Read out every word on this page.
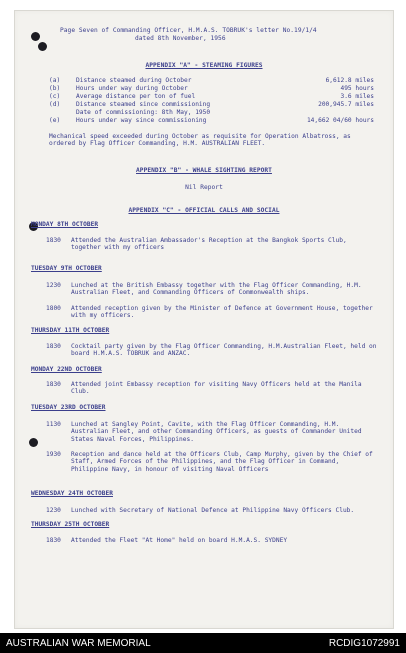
Page Seven of Commanding Officer, H.M.A.S. TOBRUK's letter No.19/1/4
dated 8th November, 1956
APPENDIX "A" - STEAMING FIGURES
(a)	Distance steamed during October	6,612.8 miles
(b)	Hours under way during October	495 hours
(c)	Average distance per ton of fuel	3.6 miles
(d)	Distance steamed since commissioning	200,945.7 miles
Date of commissioning: 8th May, 1950
(e)	Hours under way since commissioning	14,662 04/60 hours
Mechanical speed exceeded during October as requisite for Operation Albatross, as ordered by Flag Officer Commanding, H.M. AUSTRALIAN FLEET.
APPENDIX "B" - WHALE SIGHTING REPORT
Nil Report
APPENDIX "C" - OFFICIAL CALLS AND SOCIAL
MONDAY 8TH OCTOBER
1830 Attended the Australian Ambassador's Reception at the Bangkok Sports Club, together with my officers
TUESDAY 9TH OCTOBER
1230 Lunched at the British Embassy together with the Flag Officer Commanding, H.M. Australian Fleet, and Commanding Officers of Commonwealth ships.
1800 Attended reception given by the Minister of Defence at Government House, together with my officers.
THURSDAY 11TH OCTOBER
1830 Cocktail party given by the Flag Officer Commanding, H.M.Australian Fleet, held on board H.M.A.S. TOBRUK and ANZAC.
MONDAY 22ND OCTOBER
1830 Attended joint Embassy reception for visiting Navy Officers held at the Manila Club.
TUESDAY 23RD OCTOBER
1130 Lunched at Sangley Point, Cavite, with the Flag Officer Commanding, H.M. Australian Fleet, and other Commanding Officers, as guests of Commander United States Naval Forces, Philippines.
1930 Reception and dance held at the Officers Club, Camp Murphy, given by the Chief of Staff, Armed Forces of the Philippines, and the Flag Officer in Command, Philippine Navy, in honour of visiting Naval Officers
WEDNESDAY 24TH OCTOBER
1230 Lunched with Secretary of National Defence at Philippine Navy Officers Club.
THURSDAY 25TH OCTOBER
1830 Attended the Fleet "At Home" held on board H.M.A.S. SYDNEY
AUSTRALIAN WAR MEMORIAL	RCDIG1072991
